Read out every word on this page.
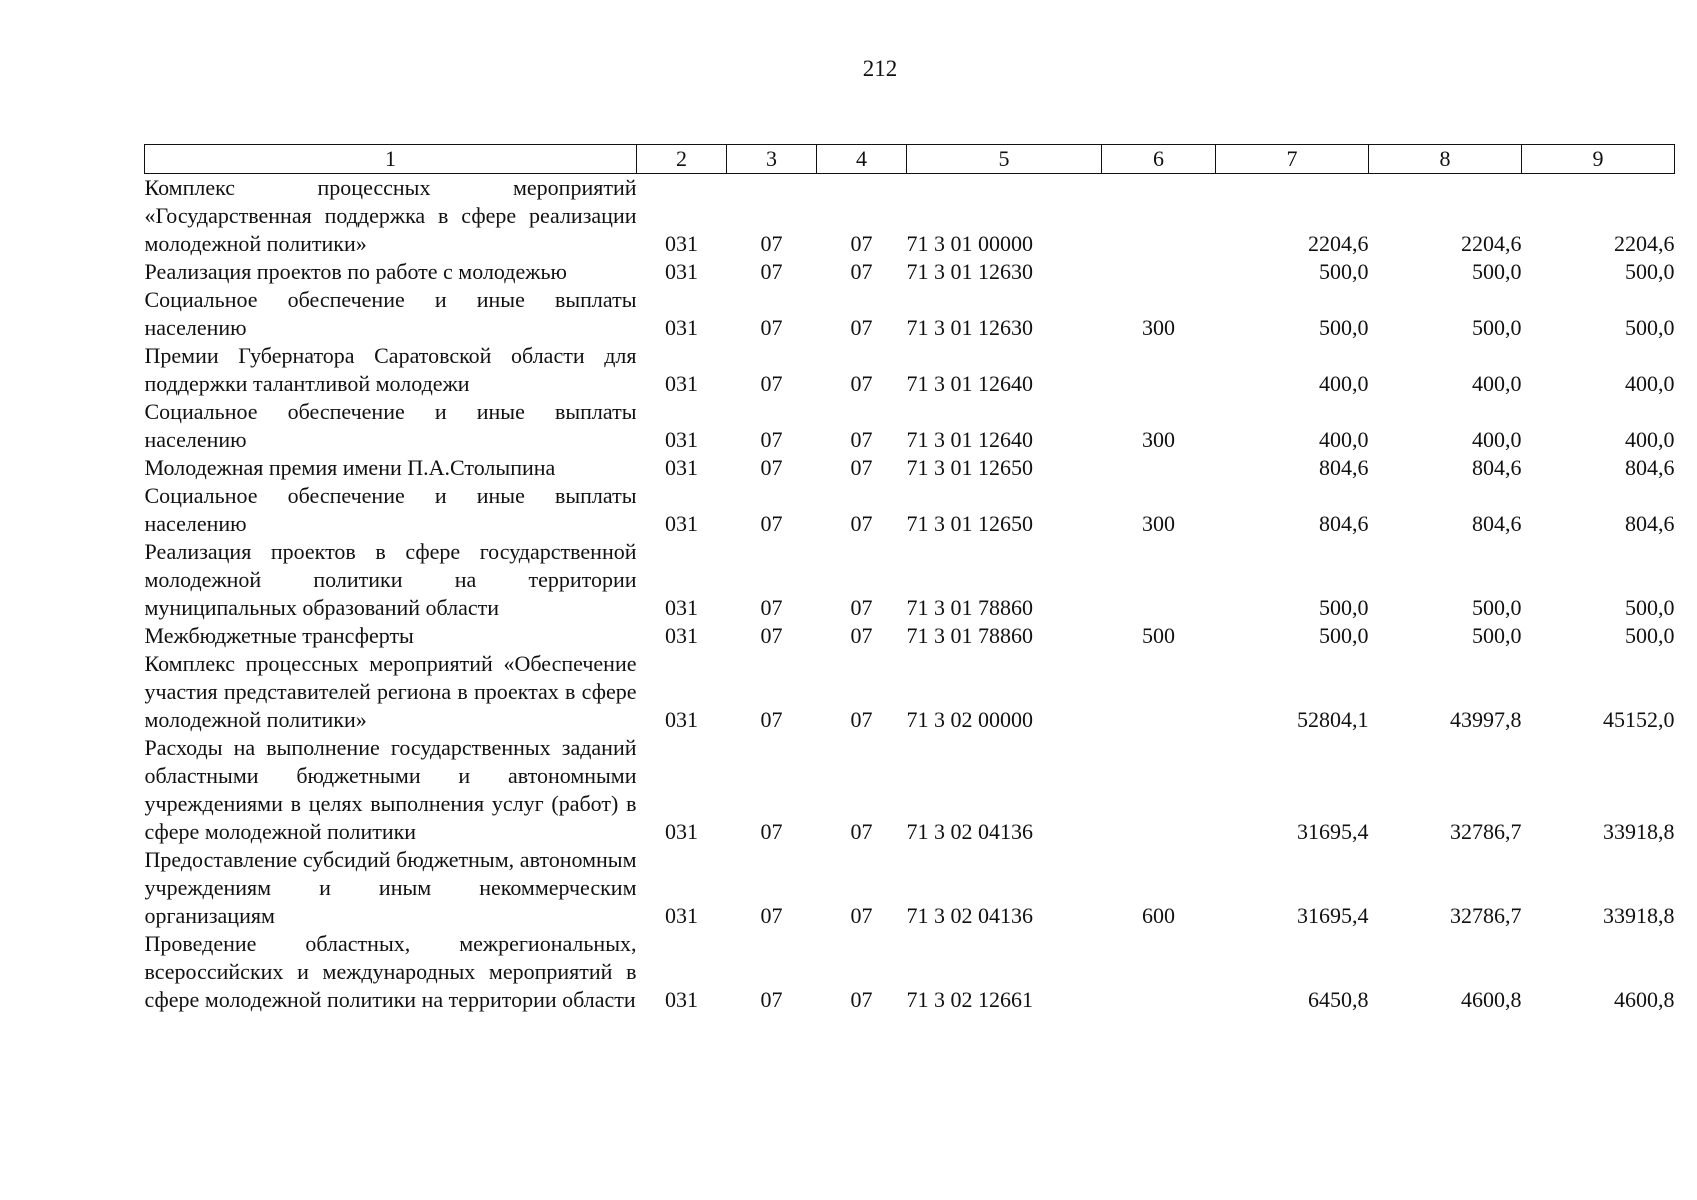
212
1	2	3	4	5	6	7	8	9
Комплекс процессных мероприятий «Государственная поддержка в сфере реализации молодежной политики»	031	07	07	71 3 01 00000		2204,6	2204,6	2204,6
Реализация проектов по работе с молодежью	031	07	07	71 3 01 12630		500,0	500,0	500,0
Социальное обеспечение и иные выплаты населению	031	07	07	71 3 01 12630	300	500,0	500,0	500,0
Премии Губернатора Саратовской области для поддержки талантливой молодежи	031	07	07	71 3 01 12640		400,0	400,0	400,0
Социальное обеспечение и иные выплаты населению	031	07	07	71 3 01 12640	300	400,0	400,0	400,0
Молодежная премия имени П.А.Столыпина	031	07	07	71 3 01 12650		804,6	804,6	804,6
Социальное обеспечение и иные выплаты населению	031	07	07	71 3 01 12650	300	804,6	804,6	804,6
Реализация проектов в сфере государственной молодежной политики на территории муниципальных образований области	031	07	07	71 3 01 78860		500,0	500,0	500,0
Межбюджетные трансферты	031	07	07	71 3 01 78860	500	500,0	500,0	500,0
Комплекс процессных мероприятий «Обеспечение участия представителей региона в проектах в сфере молодежной политики»	031	07	07	71 3 02 00000		52804,1	43997,8	45152,0
Расходы на выполнение государственных заданий областными бюджетными и автономными учреждениями в целях выполнения услуг (работ) в сфере молодежной политики	031	07	07	71 3 02 04136		31695,4	32786,7	33918,8
Предоставление субсидий бюджетным, автономным учреждениям и иным некоммерческим организациям	031	07	07	71 3 02 04136	600	31695,4	32786,7	33918,8
Проведение областных, межрегиональных, всероссийских и международных мероприятий в сфере молодежной политики на территории области	031	07	07	71 3 02 12661		6450,8	4600,8	4600,8
